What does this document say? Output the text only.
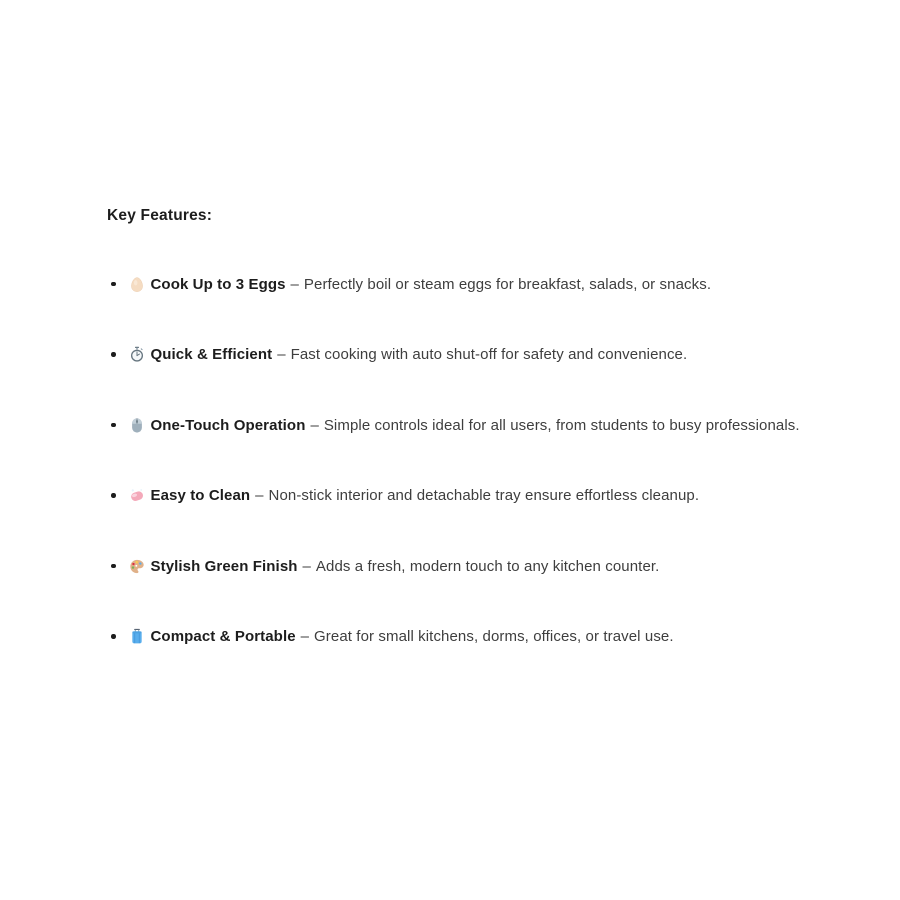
Key Features:
Cook Up to 3 Eggs – Perfectly boil or steam eggs for breakfast, salads, or snacks.
Quick & Efficient – Fast cooking with auto shut-off for safety and convenience.
One-Touch Operation – Simple controls ideal for all users, from students to busy professionals.
Easy to Clean – Non-stick interior and detachable tray ensure effortless cleanup.
Stylish Green Finish – Adds a fresh, modern touch to any kitchen counter.
Compact & Portable – Great for small kitchens, dorms, offices, or travel use.
